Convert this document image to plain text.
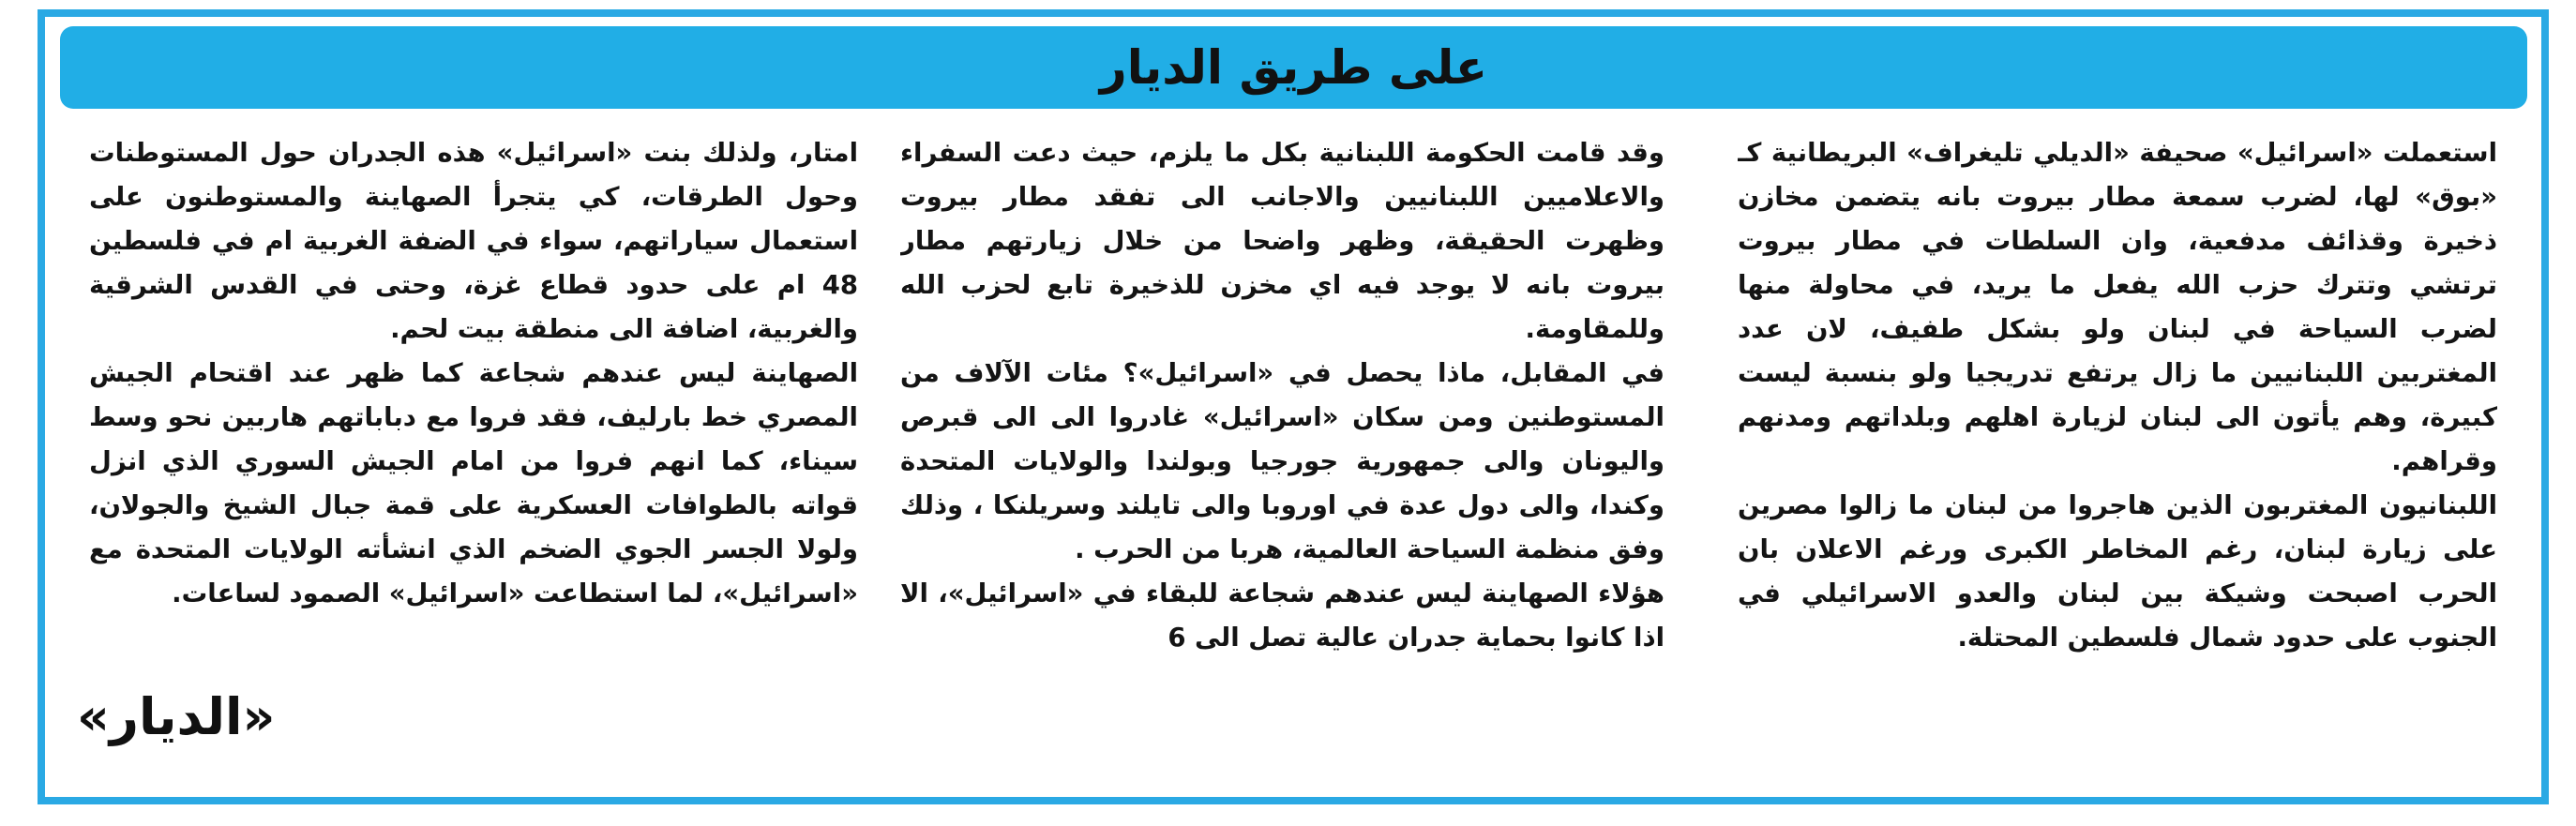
على طريق الديار

استعملت «اسرائيل» صحيفة «الديلي تليغراف» البريطانية كـ «بوق» لها، لضرب سمعة مطار بيروت بانه يتضمن مخازن ذخيرة وقذائف مدفعية، وان السلطات في مطار بيروت ترتشي وتترك حزب الله يفعل ما يريد، في محاولة منها لضرب السياحة في لبنان ولو بشكل طفيف، لان عدد المغتربين اللبنانيين ما زال يرتفع تدريجيا ولو بنسبة ليست كبيرة، وهم يأتون الى لبنان لزيارة اهلهم وبلداتهم ومدنهم وقراهم.

اللبنانيون المغتربون الذين هاجروا من لبنان ما زالوا مصرين على زيارة لبنان، رغم المخاطر الكبرى ورغم الاعلان بان الحرب اصبحت وشيكة بين لبنان والعدو الاسرائيلي في الجنوب على حدود شمال فلسطين المحتلة.

وقد قامت الحكومة اللبنانية بكل ما يلزم، حيث دعت السفراء والاعلاميين اللبنانيين والاجانب الى تفقد مطار بيروت وظهرت الحقيقة، وظهر واضحا من خلال زيارتهم مطار بيروت بانه لا يوجد فيه اي مخزن للذخيرة تابع لحزب الله وللمقاومة.

في المقابل، ماذا يحصل في «اسرائيل»؟ مئات الآلاف من المستوطنين ومن سكان «اسرائيل» غادروا الى الى قبرص واليونان والى جمهورية جورجيا وبولندا والولايات المتحدة وكندا، والى دول عدة في اوروبا والى تايلند وسريلنكا ، وذلك وفق منظمة السياحة العالمية، هربا من الحرب .

هؤلاء الصهاينة ليس عندهم شجاعة للبقاء في «اسرائيل»، الا اذا كانوا بحماية جدران عالية تصل الى 6

امتار، ولذلك بنت «اسرائيل» هذه الجدران حول المستوطنات وحول الطرقات، كي يتجرأ الصهاينة والمستوطنون على استعمال سياراتهم، سواء في الضفة الغربية ام في فلسطين 48 ام على حدود قطاع غزة، وحتى في القدس الشرقية والغربية، اضافة الى منطقة بيت لحم.

الصهاينة ليس عندهم شجاعة كما ظهر عند اقتحام الجيش المصري خط بارليف، فقد فروا مع دباباتهم هاربين نحو وسط سيناء، كما انهم فروا من امام الجيش السوري الذي انزل قواته بالطوافات العسكرية على قمة جبال الشيخ والجولان، ولولا الجسر الجوي الضخم الذي انشأته الولايات المتحدة مع «اسرائيل»، لما استطاعت «اسرائيل» الصمود لساعات.

«الديار»
